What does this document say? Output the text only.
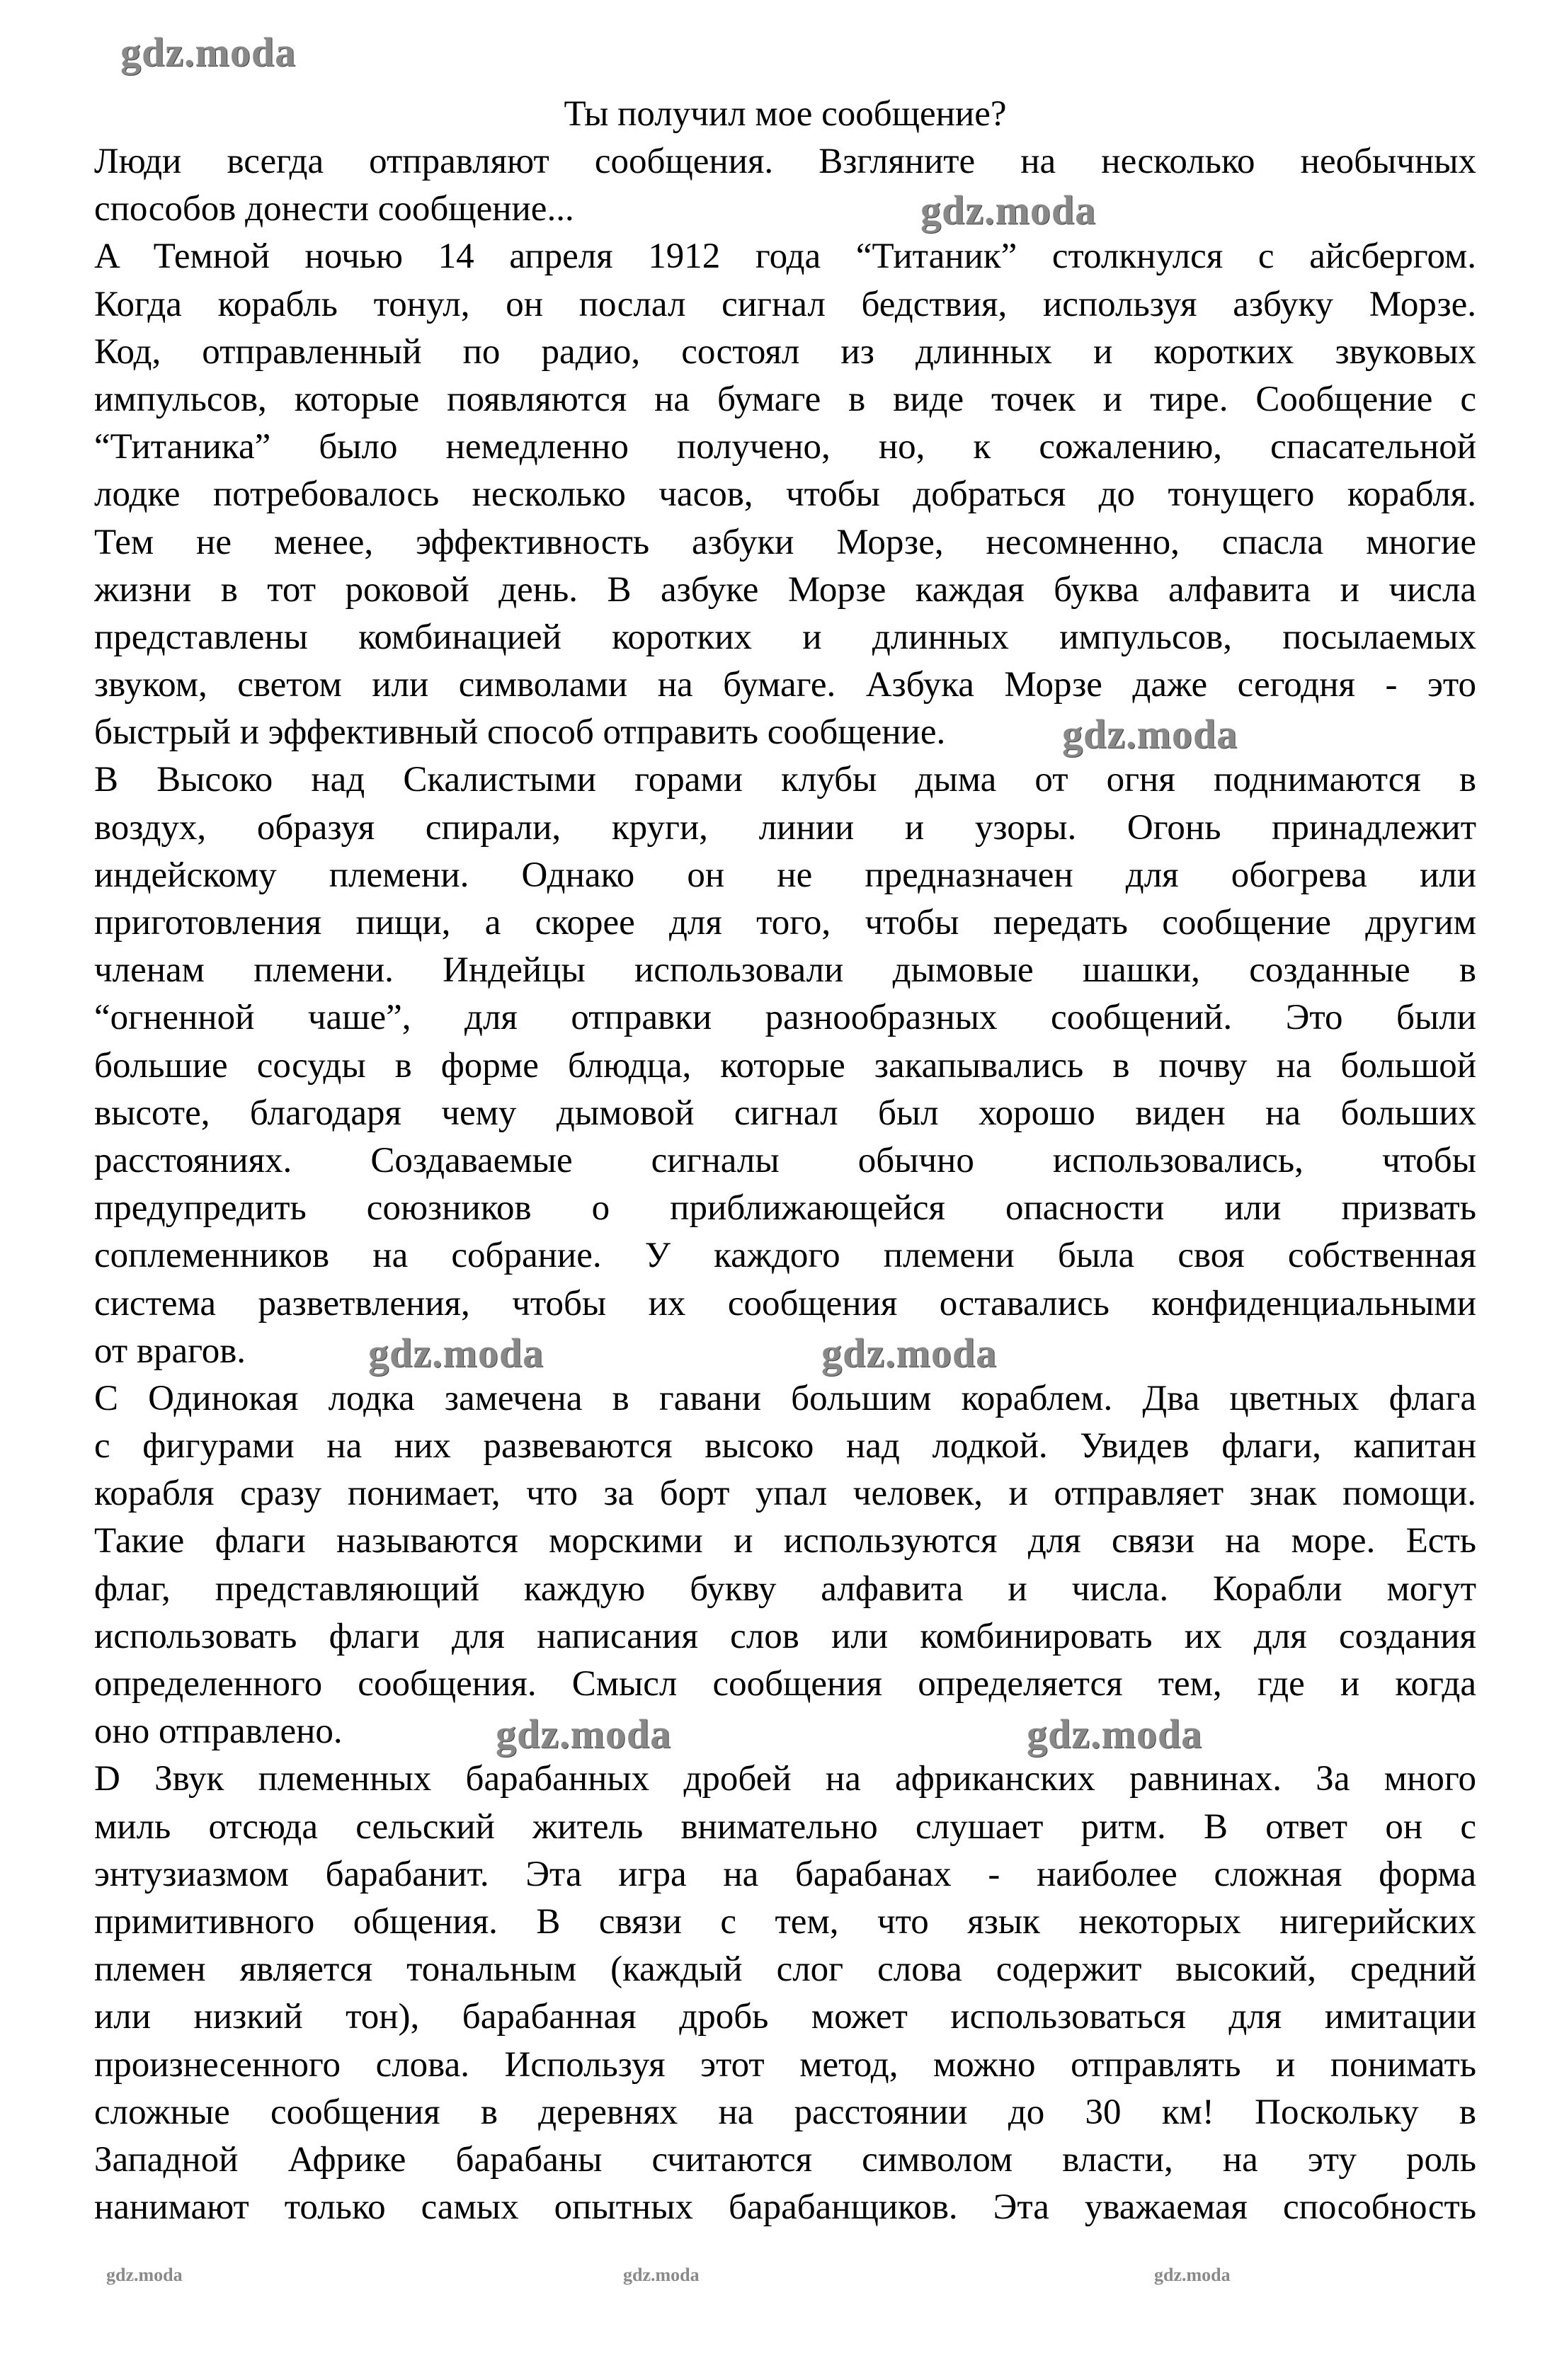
Ты получил мое сообщение?
Люди всегда отправляют сообщения. Взгляните на несколько необычных
способов донести сообщение...
A Темной ночью 14 апреля 1912 года “Титаник” столкнулся с айсбергом.
Когда корабль тонул, он послал сигнал бедствия, используя азбуку Морзе.
Код, отправленный по радио, состоял из длинных и коротких звуковых
импульсов, которые появляются на бумаге в виде точек и тире. Сообщение с
“Титаника” было немедленно получено, но, к сожалению, спасательной
лодке потребовалось несколько часов, чтобы добраться до тонущего корабля.
Тем не менее, эффективность азбуки Морзе, несомненно, спасла многие
жизни в тот роковой день. В азбуке Морзе каждая буква алфавита и числа
представлены комбинацией коротких и длинных импульсов, посылаемых
звуком, светом или символами на бумаге. Азбука Морзе даже сегодня - это
быстрый и эффективный способ отправить сообщение.
B Высоко над Скалистыми горами клубы дыма от огня поднимаются в
воздух, образуя спирали, круги, линии и узоры. Огонь принадлежит
индейскому племени. Однако он не предназначен для обогрева или
приготовления пищи, а скорее для того, чтобы передать сообщение другим
членам племени. Индейцы использовали дымовые шашки, созданные в
“огненной чаше”, для отправки разнообразных сообщений. Это были
большие сосуды в форме блюдца, которые закапывались в почву на большой
высоте, благодаря чему дымовой сигнал был хорошо виден на больших
расстояниях. Создаваемые сигналы обычно использовались, чтобы
предупредить союзников о приближающейся опасности или призвать
соплеменников на собрание. У каждого племени была своя собственная
система разветвления, чтобы их сообщения оставались конфиденциальными
от врагов.
C Одинокая лодка замечена в гавани большим кораблем. Два цветных флага
с фигурами на них развеваются высоко над лодкой. Увидев флаги, капитан
корабля сразу понимает, что за борт упал человек, и отправляет знак помощи.
Такие флаги называются морскими и используются для связи на море. Есть
флаг, представляющий каждую букву алфавита и числа. Корабли могут
использовать флаги для написания слов или комбинировать их для создания
определенного сообщения. Смысл сообщения определяется тем, где и когда
оно отправлено.
D Звук племенных барабанных дробей на африканских равнинах. За много
миль отсюда сельский житель внимательно слушает ритм. В ответ он с
энтузиазмом барабанит. Эта игра на барабанах - наиболее сложная форма
примитивного общения. В связи с тем, что язык некоторых нигерийских
племен является тональным (каждый слог слова содержит высокий, средний
или низкий тон), барабанная дробь может использоваться для имитации
произнесенного слова. Используя этот метод, можно отправлять и понимать
сложные сообщения в деревнях на расстоянии до 30 км! Поскольку в
Западной Африке барабаны считаются символом власти, на эту роль
нанимают только самых опытных барабанщиков. Эта уважаемая способность
gdz.moda
gdz.moda
gdz.moda
gdz.moda	gdz.moda
gdz.moda	gdz.moda
gdz.moda	gdz.moda	gdz.moda
